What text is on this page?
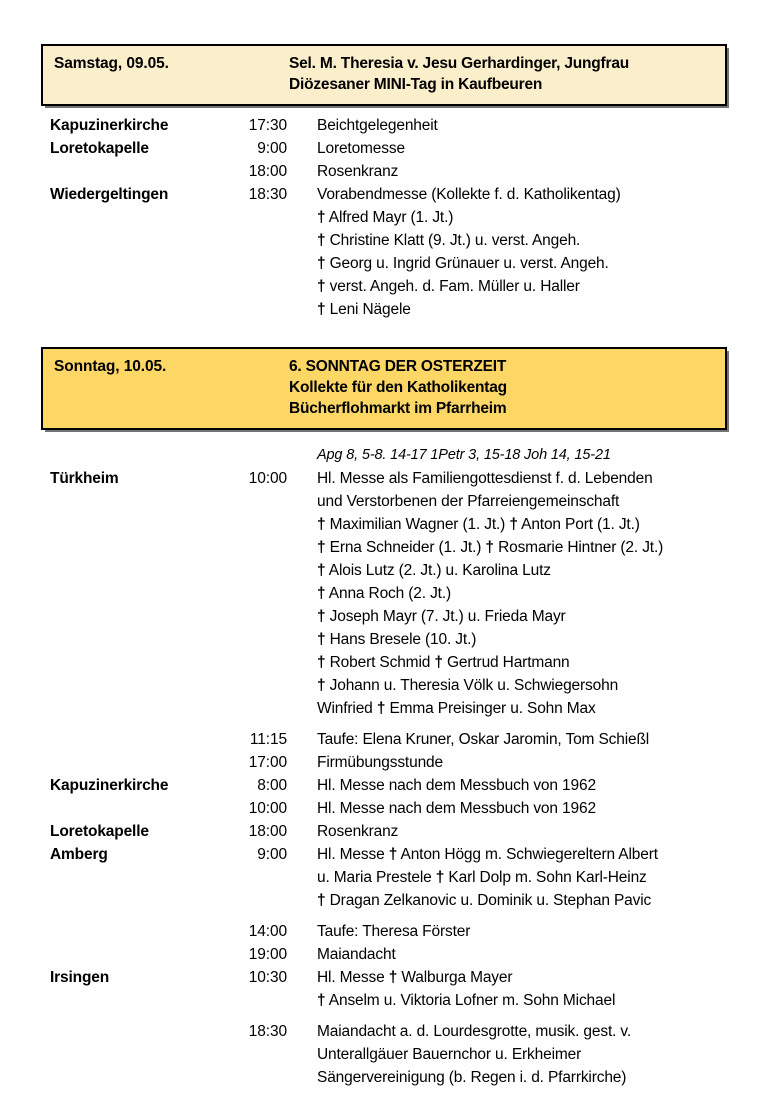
Samstag, 09.05.	Sel. M. Theresia v. Jesu Gerhardinger, Jungfrau
Diözesaner MINI-Tag in Kaufbeuren
Kapuzinerkirche	17:30 Beichtgelegenheit
Loretokapelle	9:00 Loretomesse
18:00 Rosenkranz
Wiedergeltingen	18:30 Vorabendmesse (Kollekte f. d. Katholikentag)
† Alfred Mayr (1. Jt.)
† Christine Klatt (9. Jt.) u. verst. Angeh.
† Georg u. Ingrid Grünauer u. verst. Angeh.
† verst. Angeh. d. Fam. Müller u. Haller
† Leni Nägele
Sonntag, 10.05.	6. SONNTAG DER OSTERZEIT
Kollekte für den Katholikentag
Bücherflohmarkt im Pfarrheim
Apg 8, 5-8. 14-17 1Petr 3, 15-18 Joh 14, 15-21
Türkheim	10:00 Hl. Messe als Familiengottesdienst f. d. Lebenden
und Verstorbenen der Pfarreiengemeinschaft
† Maximilian Wagner (1. Jt.) † Anton Port (1. Jt.)
† Erna Schneider (1. Jt.) † Rosmarie Hintner (2. Jt.)
† Alois Lutz (2. Jt.) u. Karolina Lutz
† Anna Roch (2. Jt.)
† Joseph Mayr (7. Jt.) u. Frieda Mayr
† Hans Bresele (10. Jt.)
† Robert Schmid † Gertrud Hartmann
† Johann u. Theresia Völk u. Schwiegersohn
Winfried † Emma Preisinger u. Sohn Max
11:15 Taufe: Elena Kruner, Oskar Jaromin, Tom Schießl
17:00 Firmübungsstunde
Kapuzinerkirche	8:00 Hl. Messe nach dem Messbuch von 1962
10:00 Hl. Messe nach dem Messbuch von 1962
Loretokapelle	18:00 Rosenkranz
Amberg	9:00 Hl. Messe † Anton Högg m. Schwiegereltern Albert
u. Maria Prestele † Karl Dolp m. Sohn Karl-Heinz
† Dragan Zelkanovic u. Dominik u. Stephan Pavic
14:00 Taufe: Theresa Förster
19:00 Maiandacht
Irsingen	10:30 Hl. Messe † Walburga Mayer
† Anselm u. Viktoria Lofner m. Sohn Michael
18:30 Maiandacht a. d. Lourdesgrotte, musik. gest. v.
Unterallgäuer Bauernchor u. Erkheimer
Sängervereinigung (b. Regen i. d. Pfarrkirche)
